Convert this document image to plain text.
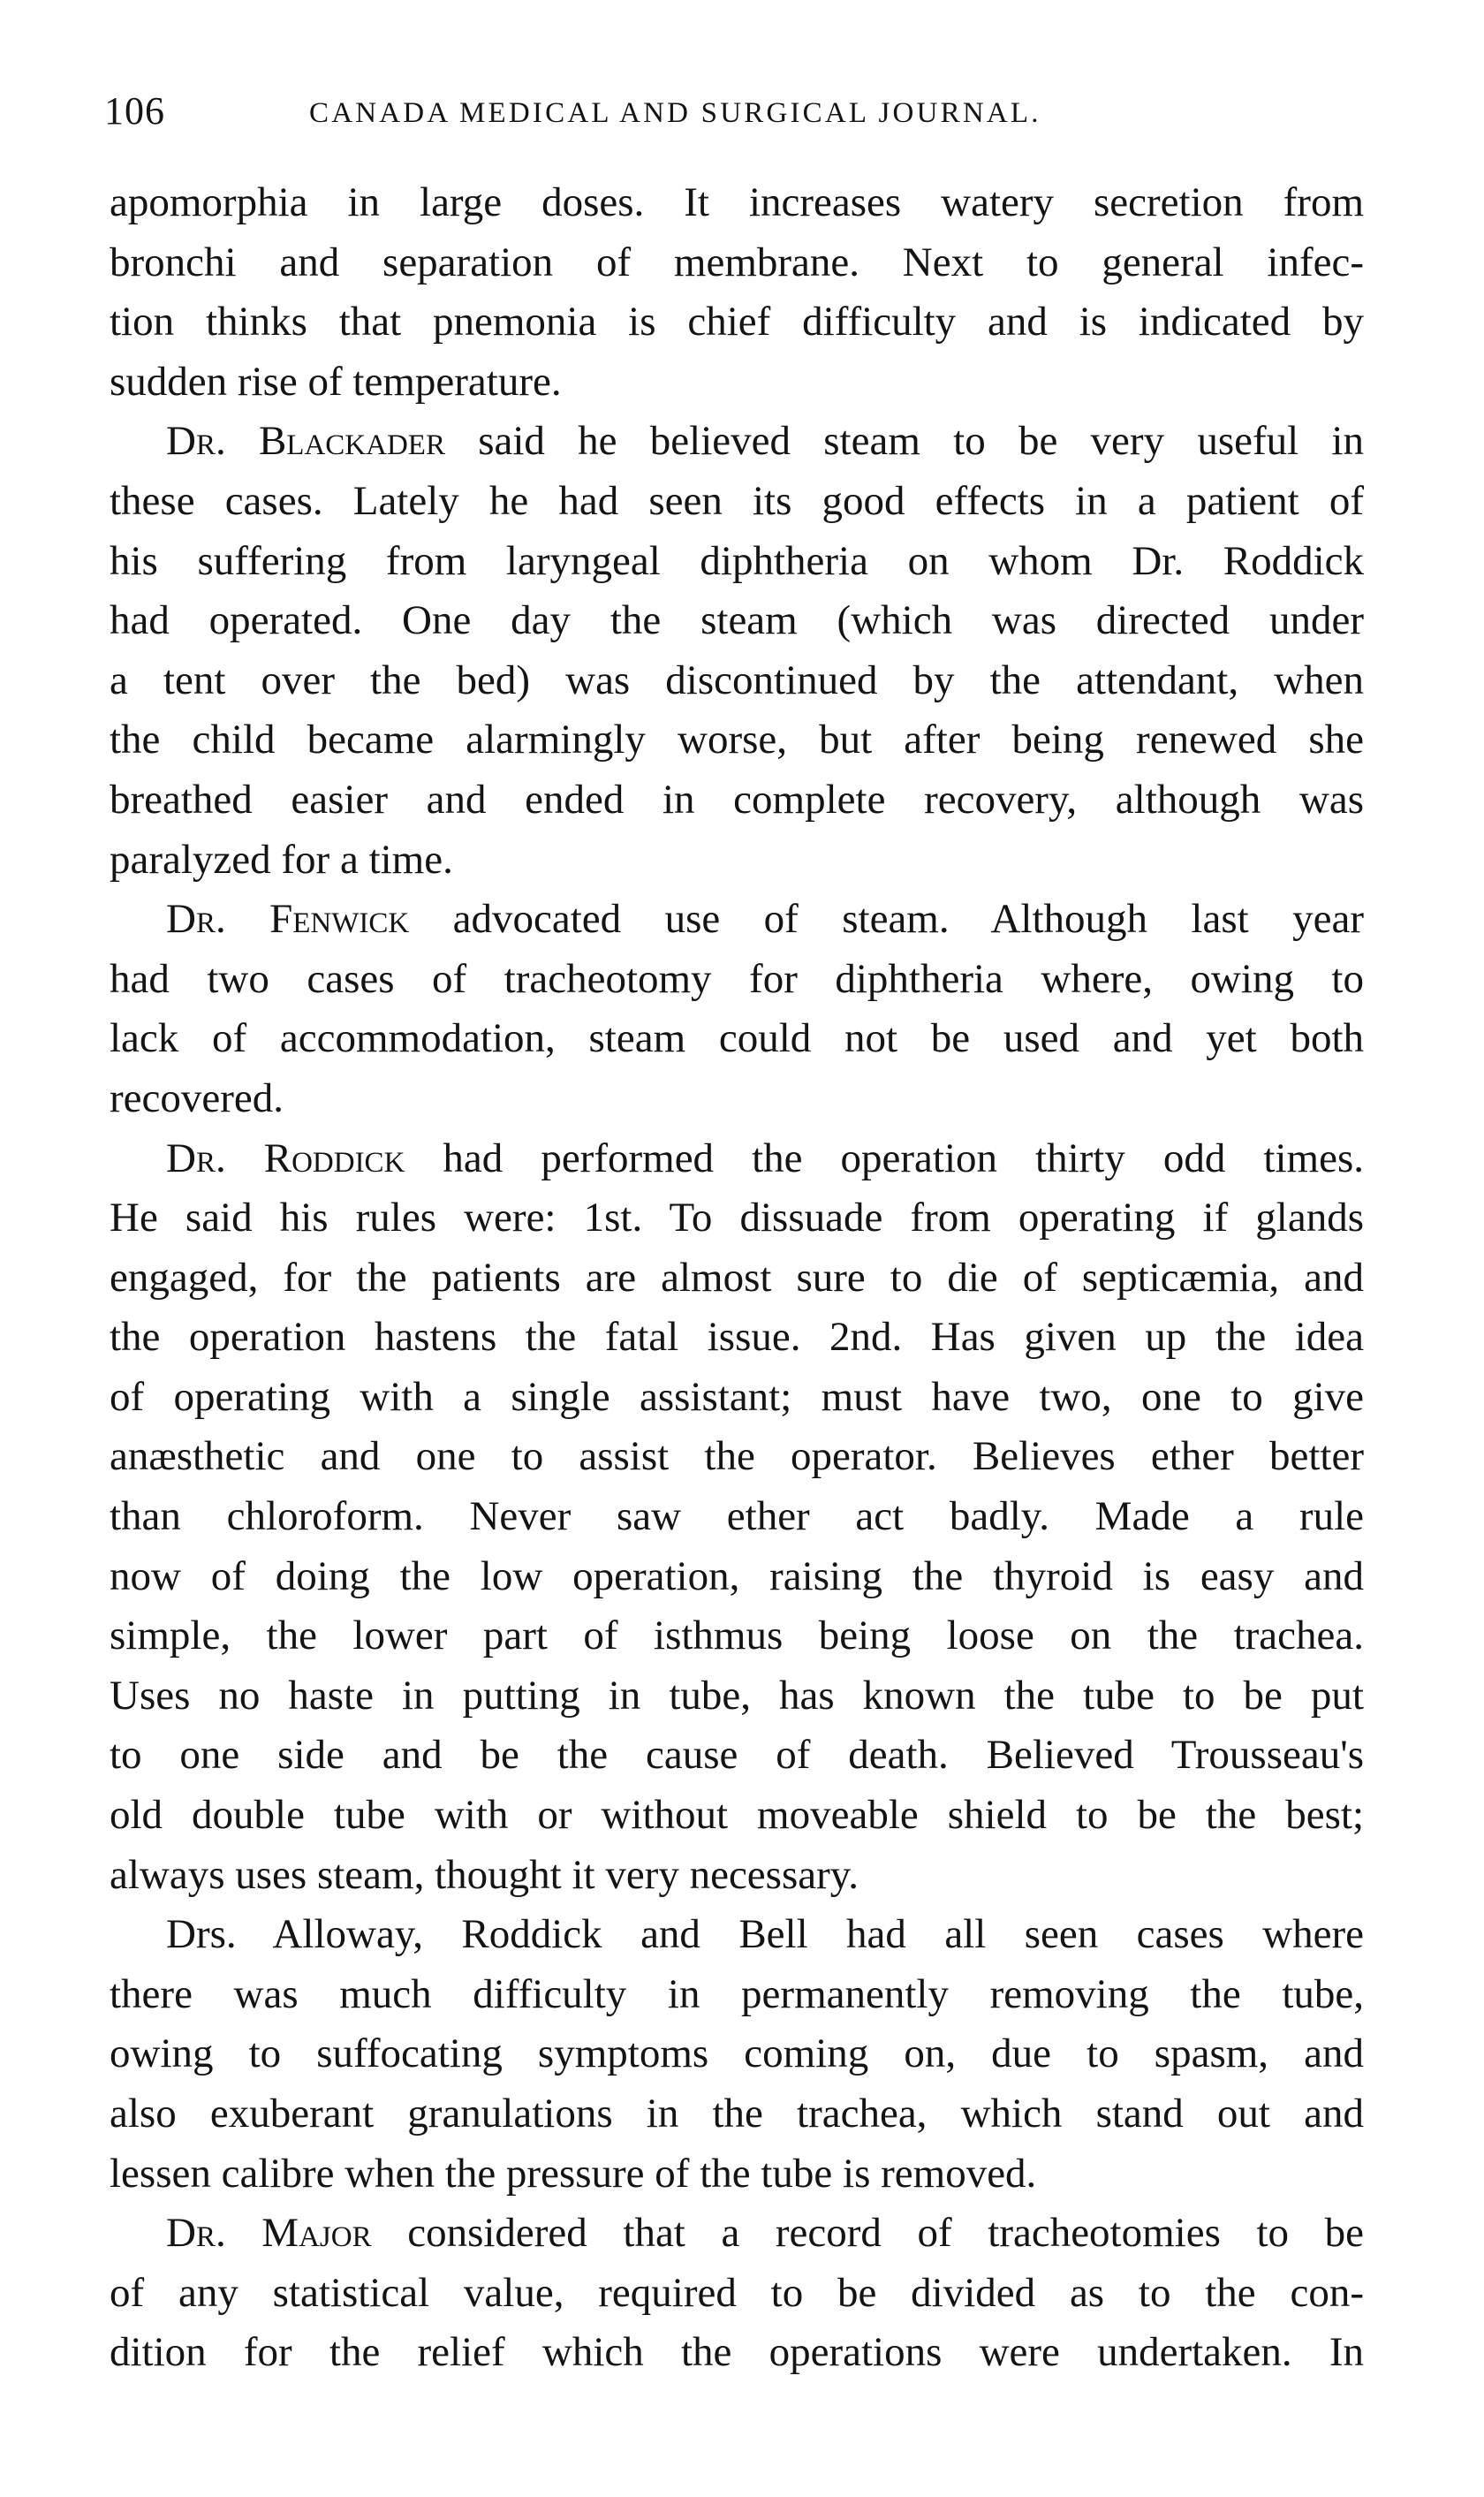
106	CANADA MEDICAL AND SURGICAL JOURNAL.

apomorphia in large doses. It increases watery secretion from
bronchi and separation of membrane. Next to general infec-
tion thinks that pnemonia is chief difficulty and is indicated by
sudden rise of temperature.

Dr. Blackader said he believed steam to be very useful in
these cases. Lately he had seen its good effects in a patient of
his suffering from laryngeal diphtheria on whom Dr. Roddick
had operated. One day the steam (which was directed under
a tent over the bed) was discontinued by the attendant, when
the child became alarmingly worse, but after being renewed she
breathed easier and ended in complete recovery, although was
paralyzed for a time.

Dr. Fenwick advocated use of steam. Although last year
had two cases of tracheotomy for diphtheria where, owing to
lack of accommodation, steam could not be used and yet both
recovered.

Dr. Roddick had performed the operation thirty odd times.
He said his rules were: 1st. To dissuade from operating if glands
engaged, for the patients are almost sure to die of septicæmia, and
the operation hastens the fatal issue. 2nd. Has given up the idea
of operating with a single assistant; must have two, one to give
anæsthetic and one to assist the operator. Believes ether better
than chloroform. Never saw ether act badly. Made a rule
now of doing the low operation, raising the thyroid is easy and
simple, the lower part of isthmus being loose on the trachea.
Uses no haste in putting in tube, has known the tube to be put
to one side and be the cause of death. Believed Trousseau's
old double tube with or without moveable shield to be the best;
always uses steam, thought it very necessary.

Drs. Alloway, Roddick and Bell had all seen cases where
there was much difficulty in permanently removing the tube,
owing to suffocating symptoms coming on, due to spasm, and
also exuberant granulations in the trachea, which stand out and
lessen calibre when the pressure of the tube is removed.

Dr. Major considered that a record of tracheotomies to be
of any statistical value, required to be divided as to the con-
dition for the relief which the operations were undertaken. In
